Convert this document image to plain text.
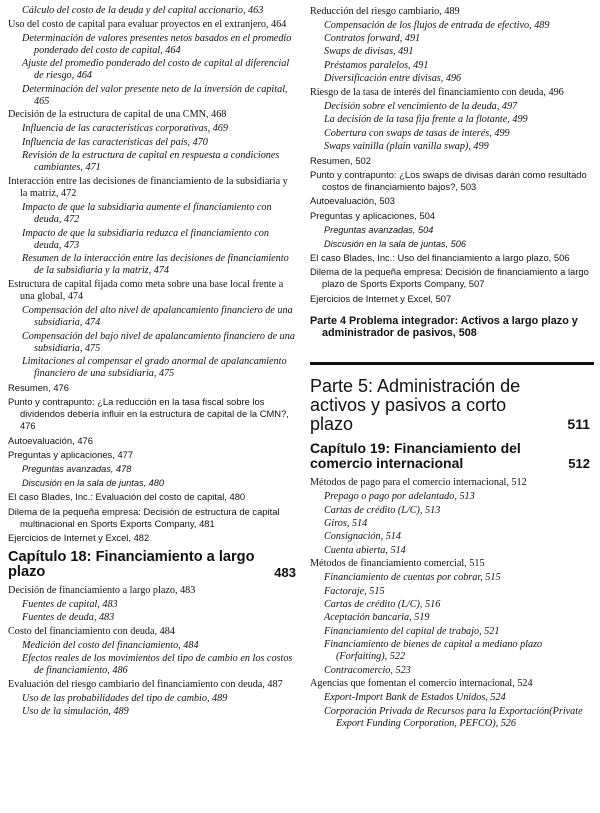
Cálculo del costo de la deuda y del capital accionario, 463

Uso del costo de capital para evaluar proyectos en el extranjero, 464

Determinación de valores presentes netos basados en el promedio ponderado del costo de capital, 464

Ajuste del promedio ponderado del costo de capital al diferencial de riesgo, 464

Determinación del valor presente neto de la inversión de capital, 465

Decisión de la estructura de capital de una CMN, 468

Influencia de las características corporativas, 469

Influencia de las características del país, 470

Revisión de la estructura de capital en respuesta a condiciones cambiantes, 471

Interacción entre las decisiones de financiamiento de la subsidiaria y la matriz, 472

Impacto de que la subsidiaria aumente el financiamiento con deuda, 472

Impacto de que la subsidiaria reduzca el financiamiento con deuda, 473

Resumen de la interacción entre las decisiones de financiamiento de la subsidiaria y la matriz, 474

Estructura de capital fijada como meta sobre una base local frente a una global, 474

Compensación del alto nivel de apalancamiento financiero de una subsidiaria, 474

Compensación del bajo nivel de apalancamiento financiero de una subsidiaria, 475

Limitaciones al compensar el grado anormal de apalancamiento financiero de una subsidiaria, 475

Resumen, 476

Punto y contrapunto: ¿La reducción en la tasa fiscal sobre los dividendos debería influir en la estructura de capital de la CMN?, 476

Autoevaluación, 476

Preguntas y aplicaciones, 477

Preguntas avanzadas, 478

Discusión en la sala de juntas, 480

El caso Blades, Inc.: Evaluación del costo de capital, 480

Dilema de la pequeña empresa: Decisión de estructura de capital multinacional en Sports Exports Company, 481

Ejercicios de Internet y Excel, 482

Capítulo 18: Financiamiento a largo plazo	483

Decisión de financiamiento a largo plazo, 483

Fuentes de capital, 483

Fuentes de deuda, 483

Costo del financiamiento con deuda, 484

Medición del costo del financiamiento, 484

Efectos reales de los movimientos del tipo de cambio en los costos de financiamiento, 486

Evaluación del riesgo cambiario del financiamiento con deuda, 487

Uso de las probabilidades del tipo de cambio, 489

Uso de la simulación, 489

Reducción del riesgo cambiario, 489

Compensación de los flujos de entrada de efectivo, 489

Contratos forward, 491

Swaps de divisas, 491

Préstamos paralelos, 491

Diversificación entre divisas, 496

Riesgo de la tasa de interés del financiamiento con deuda, 496

Decisión sobre el vencimiento de la deuda, 497

La decisión de la tasa fija frente a la flotante, 499

Cobertura con swaps de tasas de interés, 499

Swaps vainilla (plain vanilla swap), 499

Resumen, 502

Punto y contrapunto: ¿Los swaps de divisas darán como resultado costos de financiamiento bajos?, 503

Autoevaluación, 503

Preguntas y aplicaciones, 504

Preguntas avanzadas, 504

Discusión en la sala de juntas, 506

El caso Blades, Inc.: Uso del financiamiento a largo plazo, 506

Dilema de la pequeña empresa: Decisión de financiamiento a largo plazo de Sports Exports Company, 507

Ejercicios de Internet y Excel, 507

Parte 4 Problema integrador: Activos a largo plazo y administrador de pasivos, 508

Parte 5: Administración de activos y pasivos a corto plazo	511
Capítulo 19: Financiamiento del comercio internacional	512

Métodos de pago para el comercio internacional, 512

Prepago o pago por adelantado, 513

Cartas de crédito (L/C), 513

Giros, 514

Consignación, 514

Cuenta abierta, 514

Métodos de financiamiento comercial, 515

Financiamiento de cuentas por cobrar, 515

Factoraje, 515

Cartas de crédito (L/C), 516

Aceptación bancaria, 519

Financiamiento del capital de trabajo, 521

Financiamiento de bienes de capital a mediano plazo (Forfaiting), 522

Contracomercio, 523

Agencias que fomentan el comercio internacional, 524

Export-Import Bank de Estados Unidos, 524

Corporación Privada de Recursos para la Exportación(Private Export Funding Corporation, PEFCO), 526
